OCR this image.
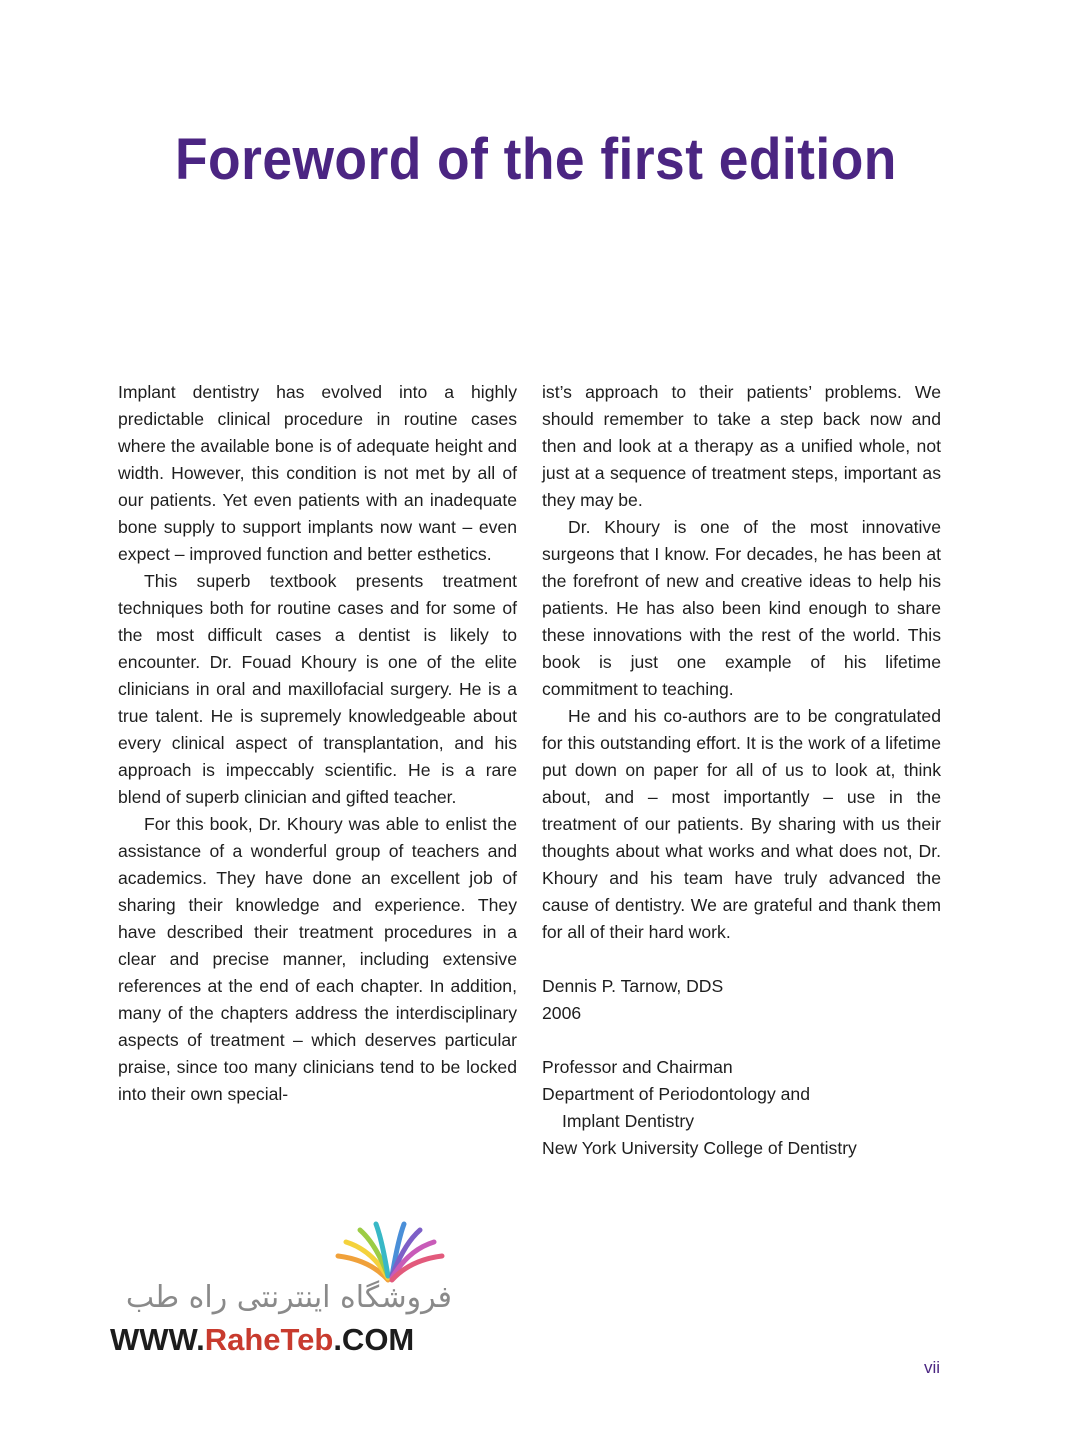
Foreword of the first edition

Implant dentistry has evolved into a highly predictable clinical procedure in routine cases where the available bone is of adequate height and width. However, this condition is not met by all of our patients. Yet even patients with an inadequate bone supply to support implants now want – even expect – improved function and better esthetics.

This superb textbook presents treatment techniques both for routine cases and for some of the most difficult cases a dentist is likely to encounter. Dr. Fouad Khoury is one of the elite clinicians in oral and maxillofacial surgery. He is a true talent. He is supremely knowledgeable about every clinical aspect of transplantation, and his approach is impeccably scientific. He is a rare blend of superb clinician and gifted teacher.

For this book, Dr. Khoury was able to enlist the assistance of a wonderful group of teachers and academics. They have done an excellent job of sharing their knowledge and experience. They have described their treatment procedures in a clear and precise manner, including extensive references at the end of each chapter. In addition, many of the chapters address the interdisciplinary aspects of treatment – which deserves particular praise, since too many clinicians tend to be locked into their own special-

ist’s approach to their patients’ problems. We should remember to take a step back now and then and look at a therapy as a unified whole, not just at a sequence of treatment steps, important as they may be.

Dr. Khoury is one of the most innovative surgeons that I know. For decades, he has been at the forefront of new and creative ideas to help his patients. He has also been kind enough to share these innovations with the rest of the world. This book is just one example of his lifetime commitment to teaching.

He and his co-authors are to be congratulated for this outstanding effort. It is the work of a lifetime put down on paper for all of us to look at, think about, and – most importantly – use in the treatment of our patients. By sharing with us their thoughts about what works and what does not, Dr. Khoury and his team have truly advanced the cause of dentistry. We are grateful and thank them for all of their hard work.

Dennis P. Tarnow, DDS
2006
Professor and Chairman
Department of Periodontology and
Implant Dentistry
New York University College of Dentistry
فروشگاه اینترنتی راه طب
WWW.RaheTeb.COM
vii
